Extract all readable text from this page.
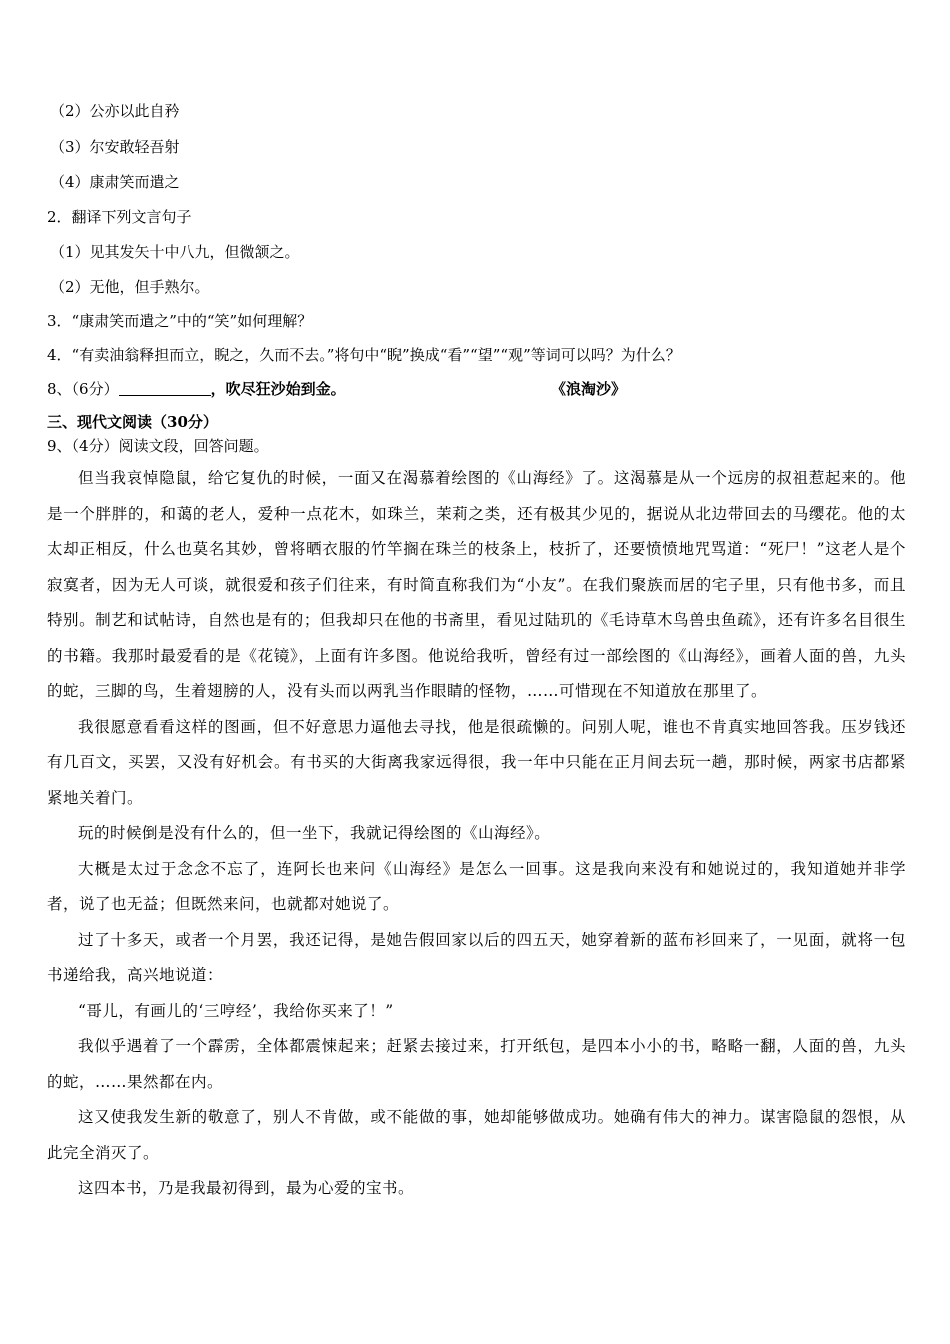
（2）公亦以此自矜
（3）尔安敢轻吾射
（4）康肃笑而遣之
2．翻译下列文言句子
（1）见其发矢十中八九，但微颔之。
（2）无他，但手熟尔。
3．“康肃笑而遣之”中的“笑”如何理解？
4．“有卖油翁释担而立，睨之，久而不去。”将句中“睨”换成“看”“望”“观”等词可以吗？为什么？
8、（6分）	，吹尽狂沙始到金。	《浪淘沙》
三、现代文阅读（30分）
9、（4分）阅读文段，回答问题。

但当我哀悼隐鼠，给它复仇的时候，一面又在渴慕着绘图的《山海经》了。这渴慕是从一个远房的叔祖惹起来的。他是一个胖胖的，和蔼的老人，爱种一点花木，如珠兰，茉莉之类，还有极其少见的，据说从北边带回去的马缨花。他的太太却正相反，什么也莫名其妙，曾将晒衣服的竹竿搁在珠兰的枝条上，枝折了，还要愤愤地咒骂道：“死尸！”这老人是个寂寞者，因为无人可谈，就很爱和孩子们往来，有时简直称我们为“小友”。在我们聚族而居的宅子里，只有他书多，而且特别。制艺和试帖诗，自然也是有的；但我却只在他的书斋里，看见过陆玑的《毛诗草木鸟兽虫鱼疏》，还有许多名目很生的书籍。我那时最爱看的是《花镜》，上面有许多图。他说给我听，曾经有过一部绘图的《山海经》，画着人面的兽，九头的蛇，三脚的鸟，生着翅膀的人，没有头而以两乳当作眼睛的怪物，……可惜现在不知道放在那里了。

我很愿意看看这样的图画，但不好意思力逼他去寻找，他是很疏懒的。问别人呢，谁也不肯真实地回答我。压岁钱还有几百文，买罢，又没有好机会。有书买的大街离我家远得很，我一年中只能在正月间去玩一趟，那时候，两家书店都紧紧地关着门。

玩的时候倒是没有什么的，但一坐下，我就记得绘图的《山海经》。

大概是太过于念念不忘了，连阿长也来问《山海经》是怎么一回事。这是我向来没有和她说过的，我知道她并非学者，说了也无益；但既然来问，也就都对她说了。

过了十多天，或者一个月罢，我还记得，是她告假回家以后的四五天，她穿着新的蓝布衫回来了，一见面，就将一包书递给我，高兴地说道：

“哥儿，有画儿的‘三哼经’，我给你买来了！”

我似乎遇着了一个霹雳，全体都震悚起来；赶紧去接过来，打开纸包，是四本小小的书，略略一翻，人面的兽，九头的蛇，……果然都在内。

这又使我发生新的敬意了，别人不肯做，或不能做的事，她却能够做成功。她确有伟大的神力。谋害隐鼠的怨恨，从此完全消灭了。

这四本书，乃是我最初得到，最为心爱的宝书。
